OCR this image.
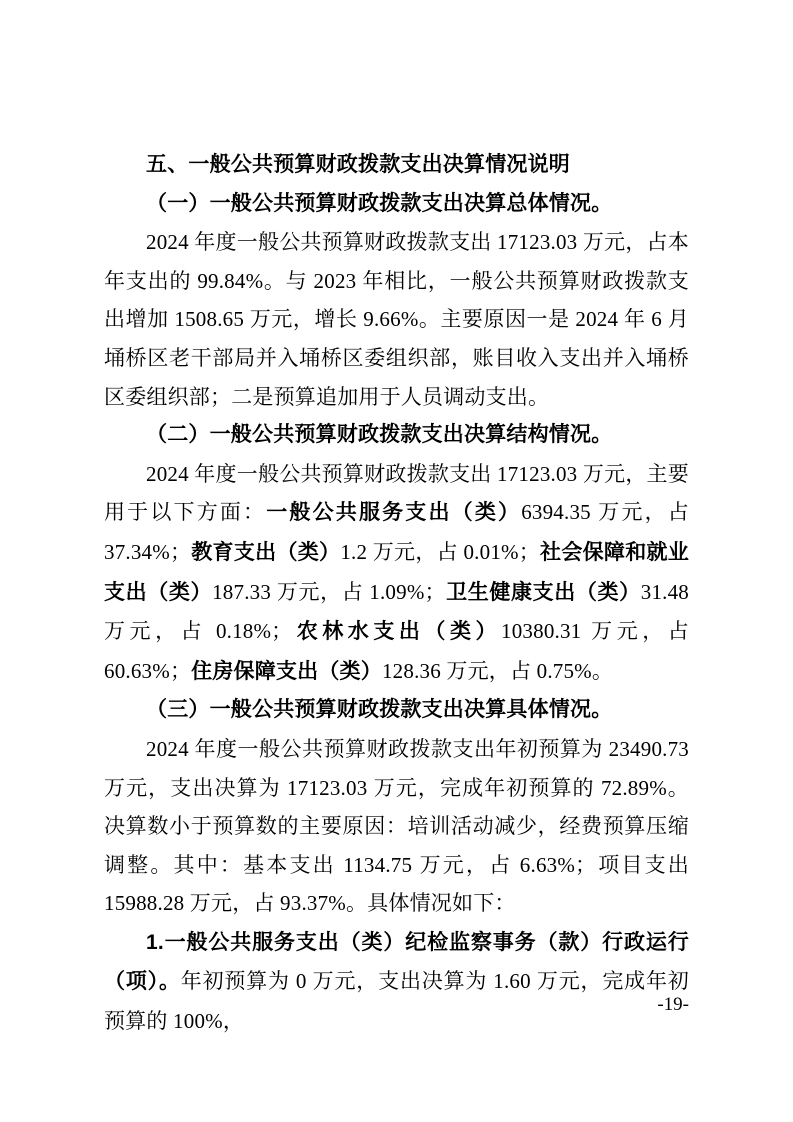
五、一般公共预算财政拨款支出决算情况说明

（一）一般公共预算财政拨款支出决算总体情况。

2024 年度一般公共预算财政拨款支出 17123.03 万元，占本年支出的 99.84%。与 2023 年相比，一般公共预算财政拨款支出增加 1508.65 万元，增长 9.66%。主要原因一是 2024 年 6 月埇桥区老干部局并入埇桥区委组织部，账目收入支出并入埇桥区委组织部；二是预算追加用于人员调动支出。

（二）一般公共预算财政拨款支出决算结构情况。

2024 年度一般公共预算财政拨款支出 17123.03 万元，主要用于以下方面：一般公共服务支出（类）6394.35 万元，占 37.34%；教育支出（类）1.2 万元，占 0.01%；社会保障和就业支出（类）187.33 万元，占 1.09%；卫生健康支出（类）31.48 万元，占 0.18%；农林水支出（类）10380.31 万元，占 60.63%；住房保障支出（类）128.36 万元，占 0.75%。

（三）一般公共预算财政拨款支出决算具体情况。

2024 年度一般公共预算财政拨款支出年初预算为 23490.73 万元，支出决算为 17123.03 万元，完成年初预算的 72.89%。决算数小于预算数的主要原因：培训活动减少，经费预算压缩调整。其中：基本支出 1134.75 万元，占 6.63%；项目支出 15988.28 万元，占 93.37%。具体情况如下：

1.一般公共服务支出（类）纪检监察事务（款）行政运行（项）。年初预算为 0 万元，支出决算为 1.60 万元，完成年初预算的 100%，

-19-
